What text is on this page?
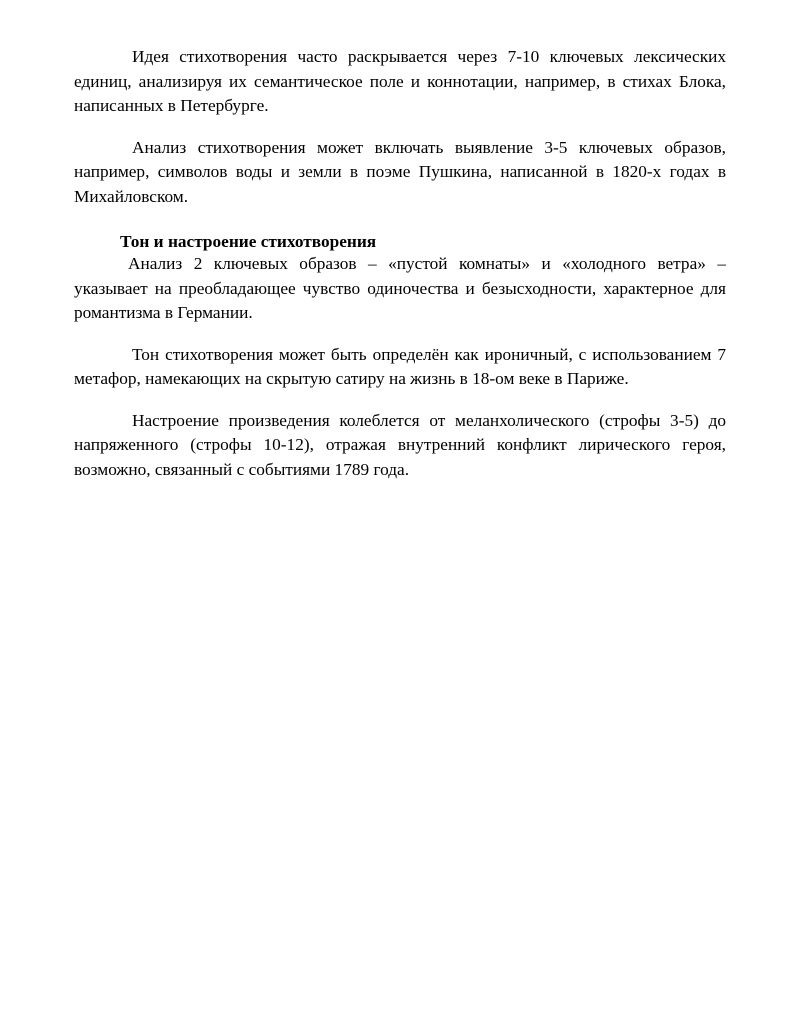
Идея стихотворения часто раскрывается через 7-10 ключевых лексических единиц, анализируя их семантическое поле и коннотации, например, в стихах Блока, написанных в Петербурге.

Анализ стихотворения может включать выявление 3-5 ключевых образов, например, символов воды и земли в поэме Пушкина, написанной в 1820-х годах в Михайловском.

Тон и настроение стихотворения

Анализ 2 ключевых образов – «пустой комнаты» и «холодного ветра» – указывает на преобладающее чувство одиночества и безысходности, характерное для романтизма в Германии.

Тон стихотворения может быть определён как ироничный, с использованием 7 метафор, намекающих на скрытую сатиру на жизнь в 18-ом веке в Париже.

Настроение произведения колеблется от меланхолического (строфы 3-5) до напряженного (строфы 10-12), отражая внутренний конфликт лирического героя, возможно, связанный с событиями 1789 года.
